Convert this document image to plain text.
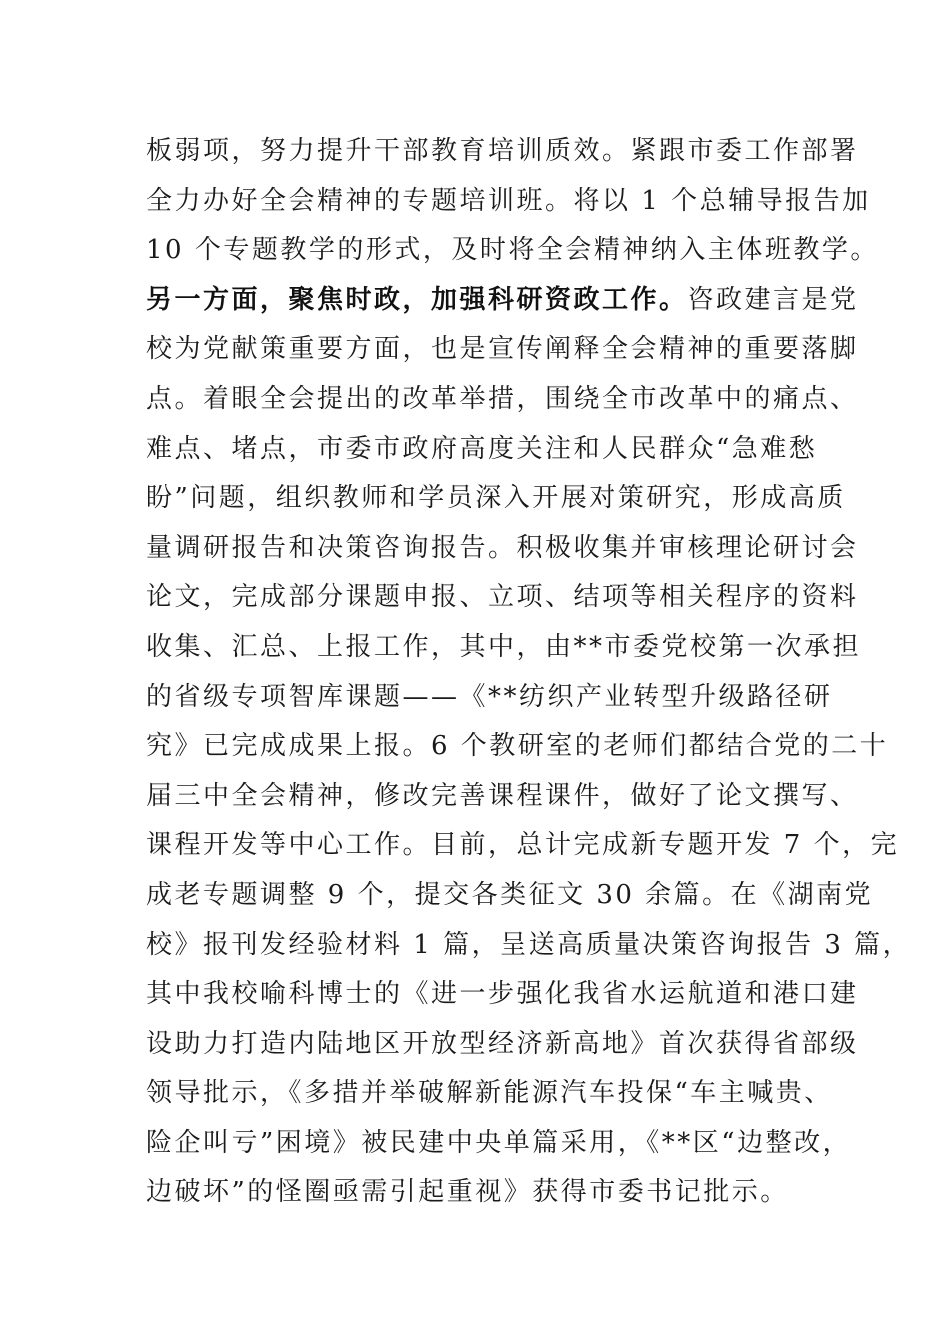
板弱项，努力提升干部教育培训质效。紧跟市委工作部署
全力办好全会精神的专题培训班。将以 1 个总辅导报告加
10 个专题教学的形式，及时将全会精神纳入主体班教学。
另一方面，聚焦时政，加强科研资政工作。咨政建言是党
校为党献策重要方面，也是宣传阐释全会精神的重要落脚
点。着眼全会提出的改革举措，围绕全市改革中的痛点、
难点、堵点，市委市政府高度关注和人民群众“急难愁
盼”问题，组织教师和学员深入开展对策研究，形成高质
量调研报告和决策咨询报告。积极收集并审核理论研讨会
论文，完成部分课题申报、立项、结项等相关程序的资料
收集、汇总、上报工作，其中，由**市委党校第一次承担
的省级专项智库课题——《**纺织产业转型升级路径研
究》已完成成果上报。6 个教研室的老师们都结合党的二十
届三中全会精神，修改完善课程课件，做好了论文撰写、
课程开发等中心工作。目前，总计完成新专题开发 7 个，完
成老专题调整 9 个，提交各类征文 30 余篇。在《湖南党
校》报刊发经验材料 1 篇，呈送高质量决策咨询报告 3 篇，
其中我校喻科博士的《进一步强化我省水运航道和港口建
设助力打造内陆地区开放型经济新高地》首次获得省部级
领导批示，《多措并举破解新能源汽车投保“车主喊贵、
险企叫亏”困境》被民建中央单篇采用，《**区“边整改，
边破坏”的怪圈亟需引起重视》获得市委书记批示。
